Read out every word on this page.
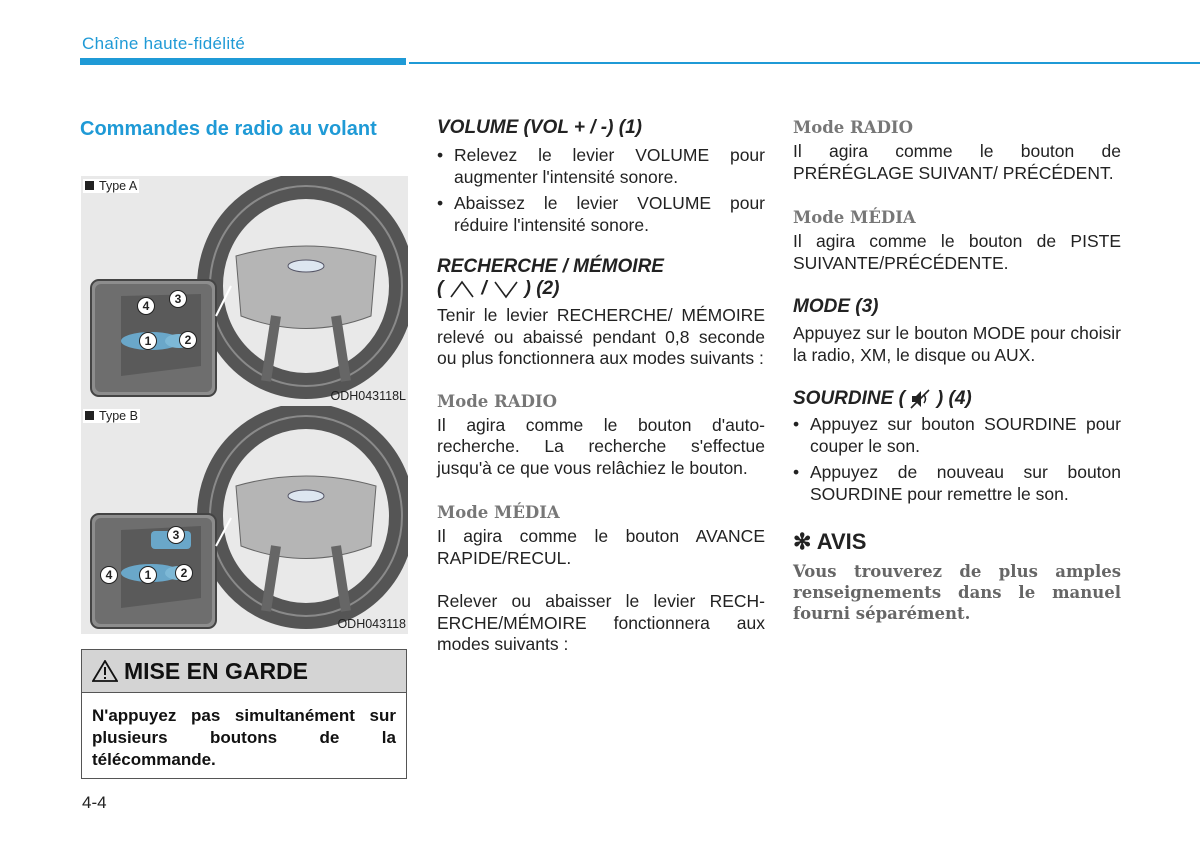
Chaîne haute-fidélité
Commandes de radio au volant
4	3
1	2
Type A
ODH043118L
3
4	1	2
Type B
ODH043118
MISE EN GARDE
N'appuyez pas simultanément sur plusieurs boutons de la télécommande.
4-4
VOLUME (VOL + / -) (1)
• Relevez le levier VOLUME pour augmenter l'intensité sonore.
• Abaissez le levier VOLUME pour réduire l'intensité sonore.
RECHERCHE / MÉMOIRE
( / ) (2)
Tenir le levier RECHERCHE/ MÉMOIRE relevé ou abaissé pendant 0,8 seconde ou plus fonctionnera aux modes suivants :
Mode RADIO
Il agira comme le bouton d'auto-recherche. La recherche s'effectue jusqu'à ce que vous relâchiez le bouton.
Mode MÉDIA
Il agira comme le bouton AVANCE RAPIDE/RECUL.
Relever ou abaisser le levier RECH-ERCHE/MÉMOIRE fonctionnera aux modes suivants :
Mode RADIO
Il agira comme le bouton de PRÉRÉGLAGE SUIVANT/ PRÉCÉDENT.
Mode MÉDIA
Il agira comme le bouton de PISTE SUIVANTE/PRÉCÉDENTE.
MODE (3)
Appuyez sur le bouton MODE pour choisir la radio, XM, le disque ou AUX.
SOURDINE ( ) (4)
• Appuyez sur bouton SOURDINE pour couper le son.
• Appuyez de nouveau sur bouton SOURDINE pour remettre le son.
✻ AVIS
Vous trouverez de plus amples renseignements dans le manuel fourni séparément.
